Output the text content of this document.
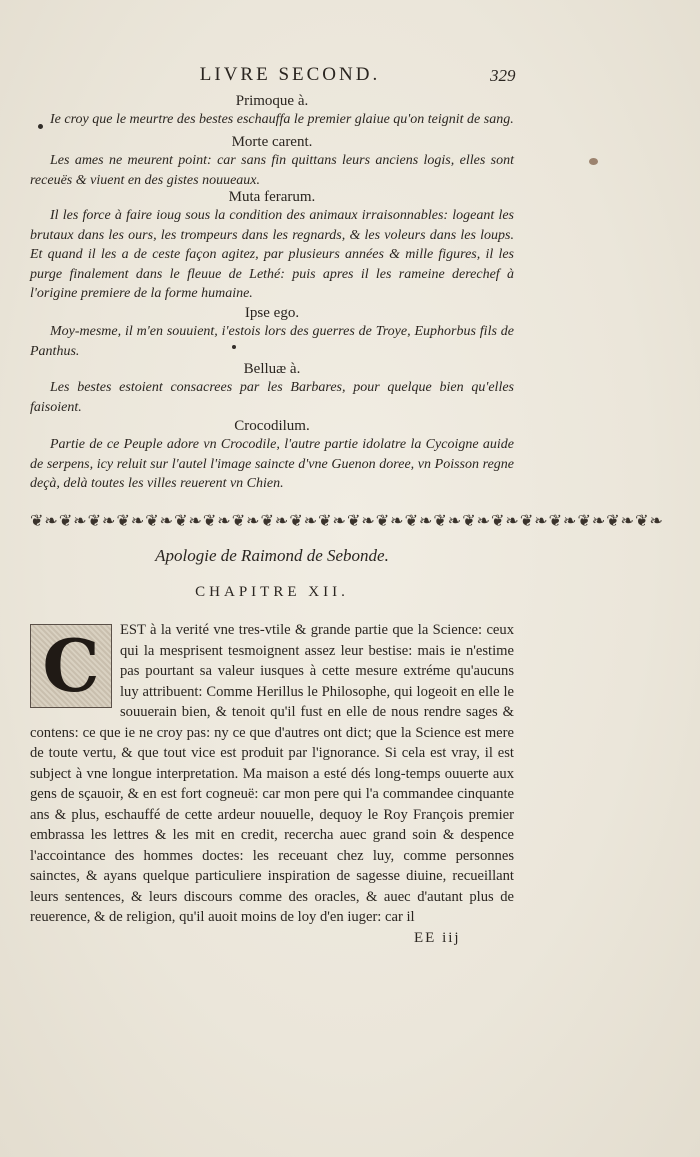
LIVRE SECOND.	329
Primoque à.
Ie croy que le meurtre des bestes eschauffa le premier glaiue qu'on teignit de sang.
Morte carent.
Les ames ne meurent point: car sans fin quittans leurs anciens logis, elles sont receuës & viuent en des gistes nouueaux.
Muta ferarum.
Il les force à faire ioug sous la condition des animaux irraisonnables: logeant les brutaux dans les ours, les trompeurs dans les regnards, & les voleurs dans les loups. Et quand il les a de ceste façon agitez, par plusieurs années & mille figures, il les purge finalement dans le fleuue de Lethé: puis apres il les rameine derechef à l'origine premiere de la forme humaine.
Ipse ego.
Moy-mesme, il m'en souuient, i'estois lors des guerres de Troye, Euphorbus fils de Panthus.
Belluæ à.
Les bestes estoient consacrees par les Barbares, pour quelque bien qu'elles faisoient.
Crocodilum.
Partie de ce Peuple adore vn Crocodile, l'autre partie idolatre la Cycoigne auide de serpens, icy reluit sur l'autel l'image saincte d'vne Guenon doree, vn Poisson regne deçà, delà toutes les villes reuerent vn Chien.
❦❧❦❧❦❧❦❧❦❧❦❧❦❧❦❧❦❧❦❧❦❧❦❧❦❧❦❧❦❧❦❧❦❧❦❧❦❧❦❧❦❧❦❧
Apologie de Raimond de Sebonde.
CHAPITRE XII.
C	EST à la verité vne tres-vtile & grande partie que la Science: ceux qui la mesprisent tesmoignent assez leur bestise: mais ie n'estime pas pourtant sa valeur iusques à cette mesure extréme qu'aucuns luy attribuent: Comme Herillus le Philosophe, qui logeoit en elle le souuerain bien, & tenoit qu'il fust en elle de nous rendre sages & contens: ce que ie ne croy pas: ny ce que d'autres ont dict; que la Science est mere de toute vertu, & que tout vice est produit par l'ignorance. Si cela est vray, il est subject à vne longue interpretation. Ma maison a esté dés long-temps ouuerte aux gens de sçauoir, & en est fort cogneuë: car mon pere qui l'a commandee cinquante ans & plus, eschauffé de cette ardeur nouuelle, dequoy le Roy François premier embrassa les lettres & les mit en credit, recercha auec grand soin & despence l'accointance des hommes doctes: les receuant chez luy, comme personnes sainctes, & ayans quelque particuliere inspiration de sagesse diuine, recueillant leurs sentences, & leurs discours comme des oracles, & auec d'autant plus de reuerence, & de religion, qu'il auoit moins de loy d'en iuger: car il
EE iij
